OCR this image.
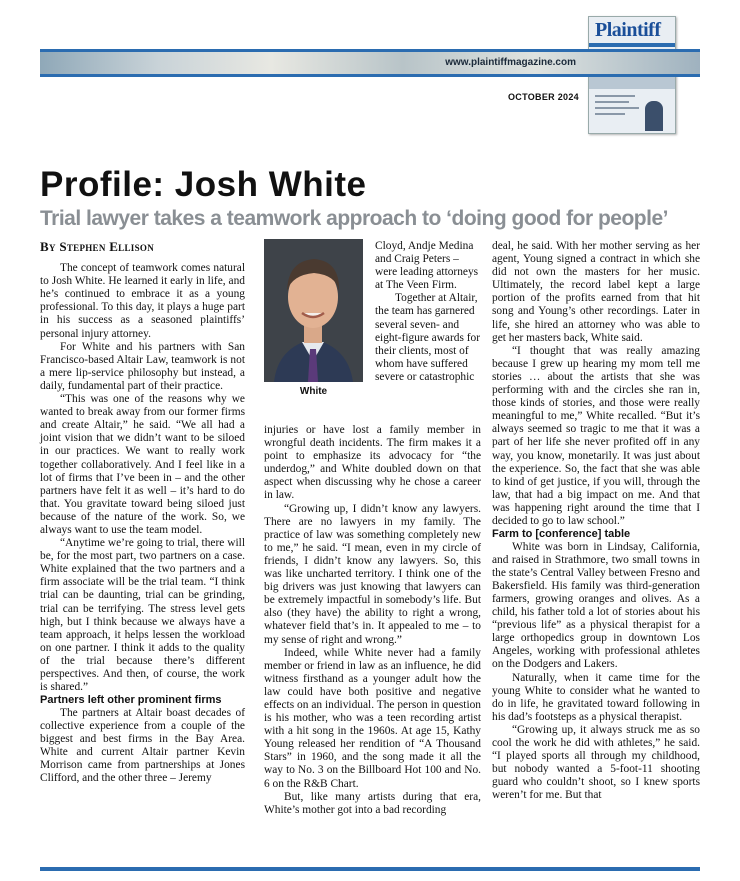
Plaintiff
www.plaintiffmagazine.com
OCTOBER 2024
Profile: Josh White
Trial lawyer takes a teamwork approach to ‘doing good for people’
By Stephen Ellison

The concept of teamwork comes natural to Josh White. He learned it early in life, and he’s continued to embrace it as a young professional. To this day, it plays a huge part in his success as a seasoned plaintiffs’ personal injury attorney.

For White and his partners with San Francisco-based Altair Law, teamwork is not a mere lip-service philosophy but instead, a daily, fundamental part of their practice.

“This was one of the reasons why we wanted to break away from our former firms and create Altair,” he said. “We all had a joint vision that we didn’t want to be siloed in our practices. We want to really work together collaboratively. And I feel like in a lot of firms that I’ve been in – and the other partners have felt it as well – it’s hard to do that. You gravitate toward being siloed just because of the nature of the work. So, we always want to use the team model.

“Anytime we’re going to trial, there will be, for the most part, two partners on a case. White explained that the two partners and a firm associate will be the trial team. “I think trial can be daunting, trial can be grinding, trial can be terrifying. The stress level gets high, but I think because we always have a team approach, it helps lessen the workload on one partner. I think it adds to the quality of the trial because there’s different perspectives. And then, of course, the work is shared.”

Partners left other prominent firms

The partners at Altair boast decades of collective experience from a couple of the biggest and best firms in the Bay Area. White and current Altair partner Kevin Morrison came from partnerships at Jones Clifford, and the other three – Jeremy

White

Cloyd, Andje Medina and Craig Peters – were leading attorneys at The Veen Firm.

Together at Altair, the team has garnered several seven- and eight-figure awards for their clients, most of whom have suffered severe or catastrophic

injuries or have lost a family member in wrongful death incidents. The firm makes it a point to emphasize its advocacy for “the underdog,” and White doubled down on that aspect when discussing why he chose a career in law.

“Growing up, I didn’t know any lawyers. There are no lawyers in my family. The practice of law was something completely new to me,” he said. “I mean, even in my circle of friends, I didn’t know any lawyers. So, this was like uncharted territory. I think one of the big drivers was just knowing that lawyers can be extremely impactful in somebody’s life. But also (they have) the ability to right a wrong, whatever field that’s in. It appealed to me – to my sense of right and wrong.”

Indeed, while White never had a family member or friend in law as an influence, he did witness firsthand as a younger adult how the law could have both positive and negative effects on an individual. The person in question is his mother, who was a teen recording artist with a hit song in the 1960s. At age 15, Kathy Young released her rendition of “A Thousand Stars” in 1960, and the song made it all the way to No. 3 on the Billboard Hot 100 and No. 6 on the R&B Chart.

But, like many artists during that era, White’s mother got into a bad recording

deal, he said. With her mother serving as her agent, Young signed a contract in which she did not own the masters for her music. Ultimately, the record label kept a large portion of the profits earned from that hit song and Young’s other recordings. Later in life, she hired an attorney who was able to get her masters back, White said.

“I thought that was really amazing because I grew up hearing my mom tell me stories … about the artists that she was performing with and the circles she ran in, those kinds of stories, and those were really meaningful to me,” White recalled. “But it’s always seemed so tragic to me that it was a part of her life she never profited off in any way, you know, monetarily. It was just about the experience. So, the fact that she was able to kind of get justice, if you will, through the law, that had a big impact on me. And that was happening right around the time that I decided to go to law school.”

Farm to [conference] table

White was born in Lindsay, California, and raised in Strathmore, two small towns in the state’s Central Valley between Fresno and Bakersfield. His family was third-generation farmers, growing oranges and olives. As a child, his father told a lot of stories about his “previous life” as a physical therapist for a large orthopedics group in downtown Los Angeles, working with professional athletes on the Dodgers and Lakers.

Naturally, when it came time for the young White to consider what he wanted to do in life, he gravitated toward following in his dad’s footsteps as a physical therapist.

“Growing up, it always struck me as so cool the work he did with athletes,” he said. “I played sports all through my childhood, but nobody wanted a 5-foot-11 shooting guard who couldn’t shoot, so I knew sports weren’t for me. But that
